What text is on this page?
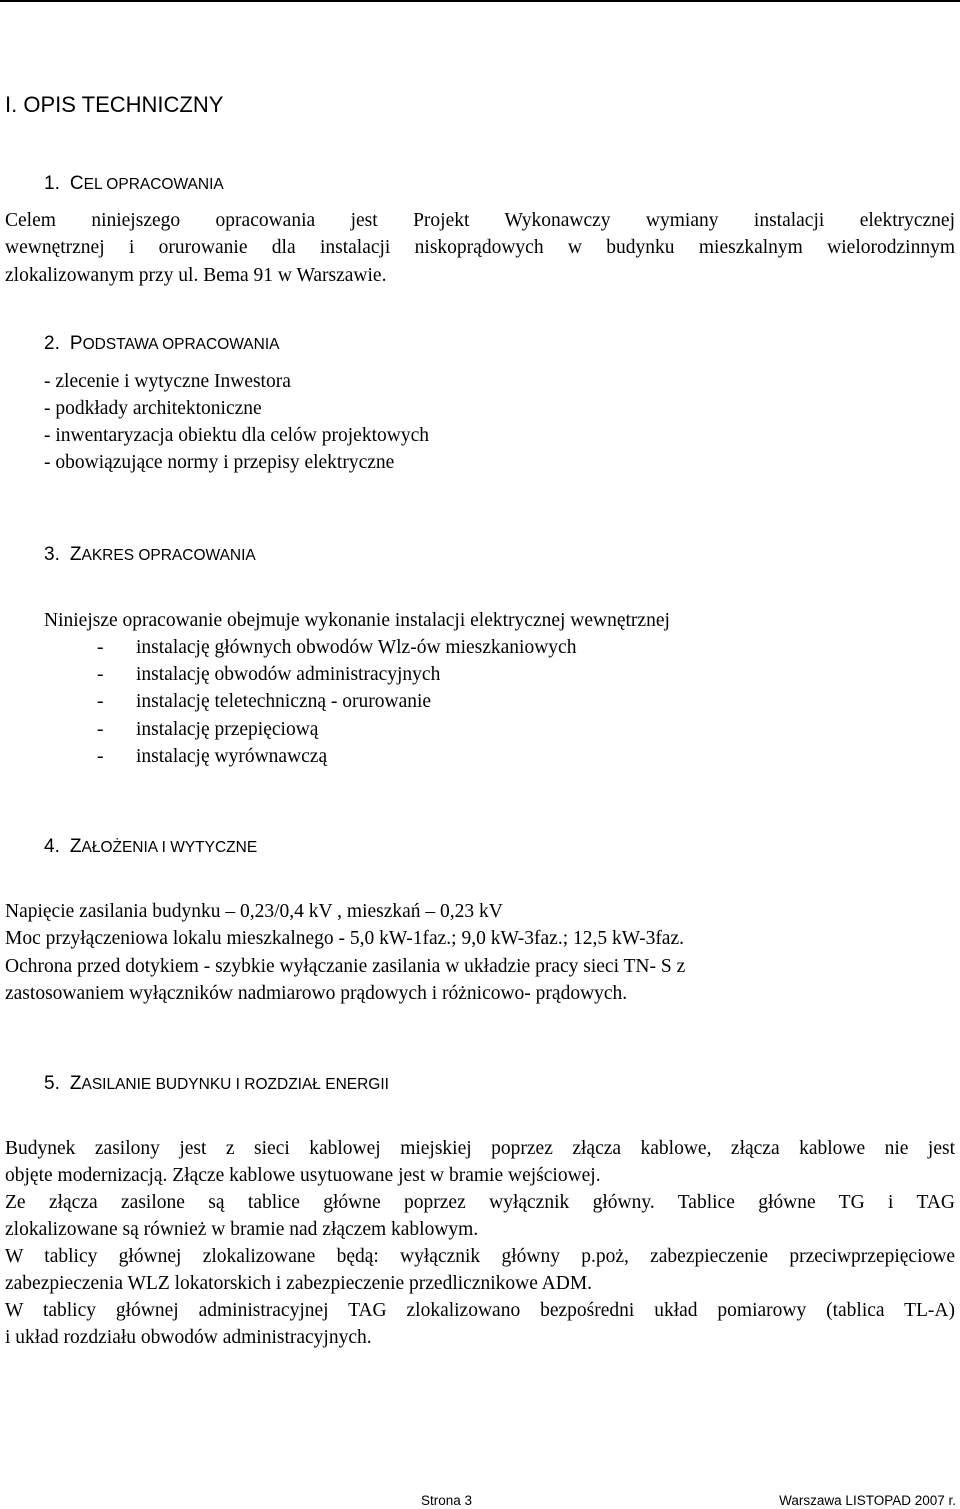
I. OPIS TECHNICZNY
1. CEL OPRACOWANIA
Celem niniejszego opracowania jest Projekt Wykonawczy wymiany instalacji elektrycznej
wewnętrznej i orurowanie dla instalacji niskoprądowych w budynku mieszkalnym wielorodzinnym
zlokalizowanym przy ul. Bema 91 w Warszawie.
2. PODSTAWA OPRACOWANIA
- zlecenie i wytyczne Inwestora
- podkłady architektoniczne
- inwentaryzacja obiektu dla celów projektowych
- obowiązujące normy i przepisy elektryczne
3. ZAKRES OPRACOWANIA
Niniejsze opracowanie obejmuje wykonanie instalacji elektrycznej wewnętrznej
- instalację głównych obwodów Wlz-ów mieszkaniowych
- instalację obwodów administracyjnych
- instalację teletechniczną - orurowanie
- instalację przepięciową
- instalację wyrównawczą
4. ZAŁOŻENIA I WYTYCZNE
Napięcie zasilania budynku – 0,23/0,4 kV , mieszkań – 0,23 kV
Moc przyłączeniowa lokalu mieszkalnego - 5,0 kW-1faz.; 9,0 kW-3faz.; 12,5 kW-3faz.
Ochrona przed dotykiem - szybkie wyłączanie zasilania w układzie pracy sieci TN- S z
zastosowaniem wyłączników nadmiarowo prądowych i różnicowo- prądowych.
5. ZASILANIE BUDYNKU I ROZDZIAŁ ENERGII
Budynek zasilony jest z sieci kablowej miejskiej poprzez złącza kablowe, złącza kablowe nie jest
objęte modernizacją. Złącze kablowe usytuowane jest w bramie wejściowej.
Ze złącza zasilone są tablice główne poprzez wyłącznik główny. Tablice główne TG i TAG
zlokalizowane są również w bramie nad złączem kablowym.
W tablicy głównej zlokalizowane będą: wyłącznik główny p.poż, zabezpieczenie przeciwprzepięciowe
zabezpieczenia WLZ lokatorskich i zabezpieczenie przedlicznikowe ADM.
W tablicy głównej administracyjnej TAG zlokalizowano bezpośredni układ pomiarowy (tablica TL-A)
i układ rozdziału obwodów administracyjnych.
Strona 3	Warszawa LISTOPAD 2007 r.
